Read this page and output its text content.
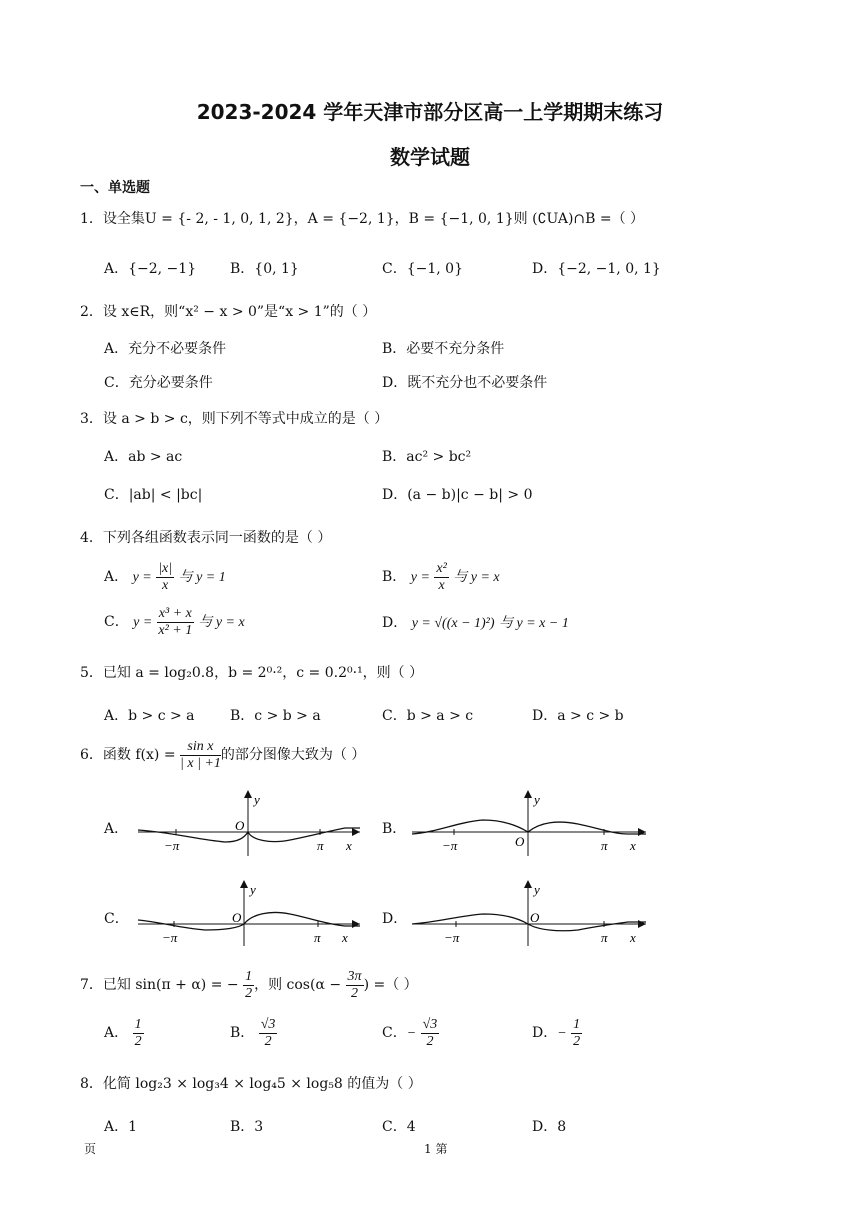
2023-2024 学年天津市部分区高一上学期期末练习
数学试题
一、单选题
1．设全集U = {- 2, - 1, 0, 1, 2}，A = {−2, 1}，B = {−1, 0, 1}则 (∁UA)∩B =（ ）
A．{−2, −1} B．{0, 1}	C．{−1, 0}	D．{−2, −1, 0, 1}
2．设 x∈R，则“x² − x > 0”是“x > 1”的（ ）
A．充分不必要条件	B．必要不充分条件
C．充分必要条件	D．既不充分也不必要条件
3．设 a > b > c，则下列不等式中成立的是（ ）
A．ab > ac	B．ac² > bc²
C．|ab| < |bc|	D．(a − b)|c − b| > 0
4．下列各组函数表示同一函数的是（ ）
A． $y = \frac{|x|}{x}$ 与 y = 1	B． $y = \frac{\text{x²}}{x}$ 与 y = x
C． $y = \frac{\text{x³ + x}}{\text{x² + 1}}$ 与 y = x	D． y = √((x − 1)²) 与 y = x − 1
5．已知 a = log₂0.8，b = 2⁰·²，c = 0.2⁰·¹，则（ ）
A．b > c > a	B．c > b > a	C．b > a > c	D．a > c > b
6．函数 $f(x) = \frac{\text{sin x}}{| x | +1}$ 的部分图像大致为（ ）
A．	B．
C．	D．
y
O
−π	π x
y
O
−π	π x
y
O
−π	π x
y
O
−π	π x
7．已知 sin(π + α) = − $\frac{1}{2}$ ，则 $\cos(\alpha - \frac{3\pi}{2}$ ) =（ ）
A． $\frac{1}{2}$	B． $\frac{√3}{2}$	C．− $\frac{√3}{2}$	D．− $\frac{1}{2}$
8．化简 log₂3 × log₃4 × log₄5 × log₅8 的值为（ ）
A．1	B．3	C．4	D．8
页	1 第
